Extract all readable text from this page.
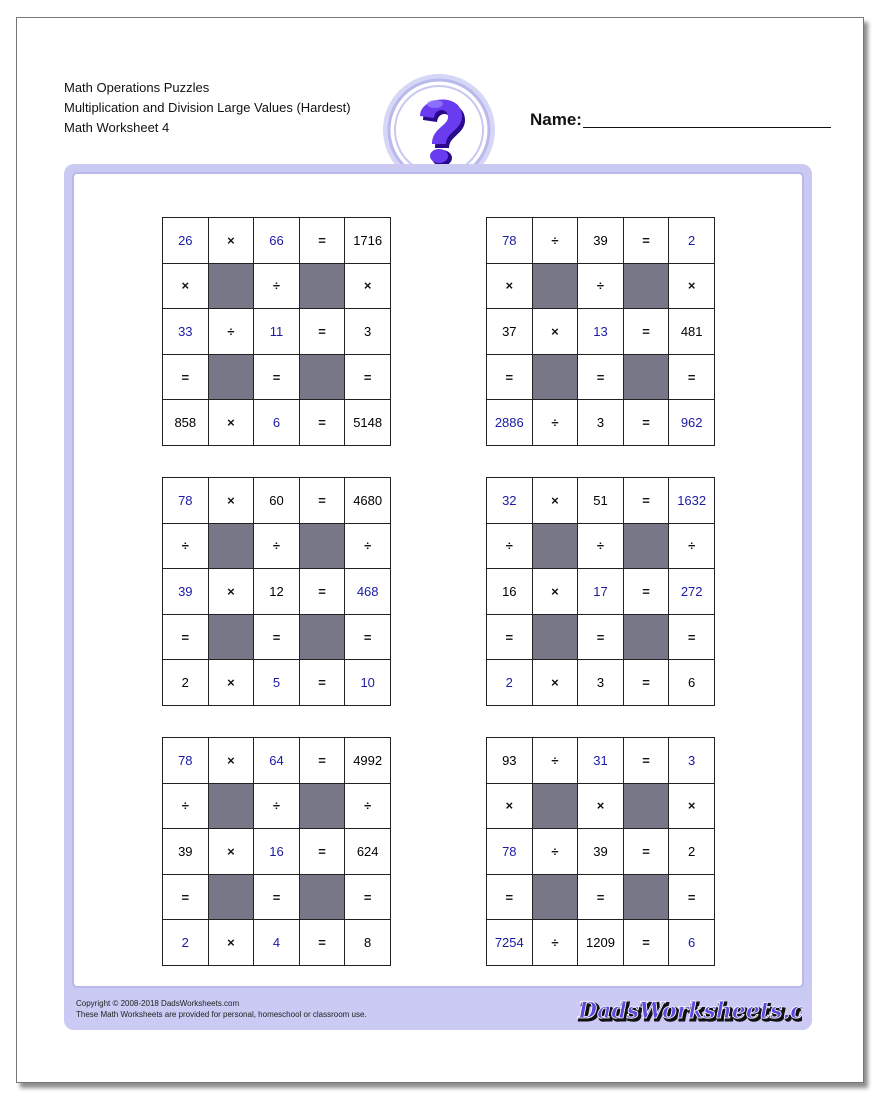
Math Operations Puzzles
Multiplication and Division Large Values (Hardest)
Math Worksheet 4	Name:
Copyright © 2008-2018 DadsWorksheets.com
These Math Worksheets are provided for personal, homeschool or classroom use.	DadsWorksheets.
DadsWorksheets.
26	×	66	=	1716
×		÷		×
33	÷	11	=	3
=		=		=
858	×	6	=	5148
78	÷	39	=	2
×		÷		×
37	×	13	=	481
=		=		=
2886	÷	3	=	962
78	×	60	=	4680
÷		÷		÷
39	×	12	=	468
=		=		=
2	×	5	=	10
32	×	51	=	1632
÷		÷		÷
16	×	17	=	272
=		=		=
2	×	3	=	6
78	×	64	=	4992
÷		÷		÷
39	×	16	=	624
=		=		=
2	×	4	=	8
93	÷	31	=	3
×		×		×
78	÷	39	=	2
=		=		=
7254	÷	1209	=	6
